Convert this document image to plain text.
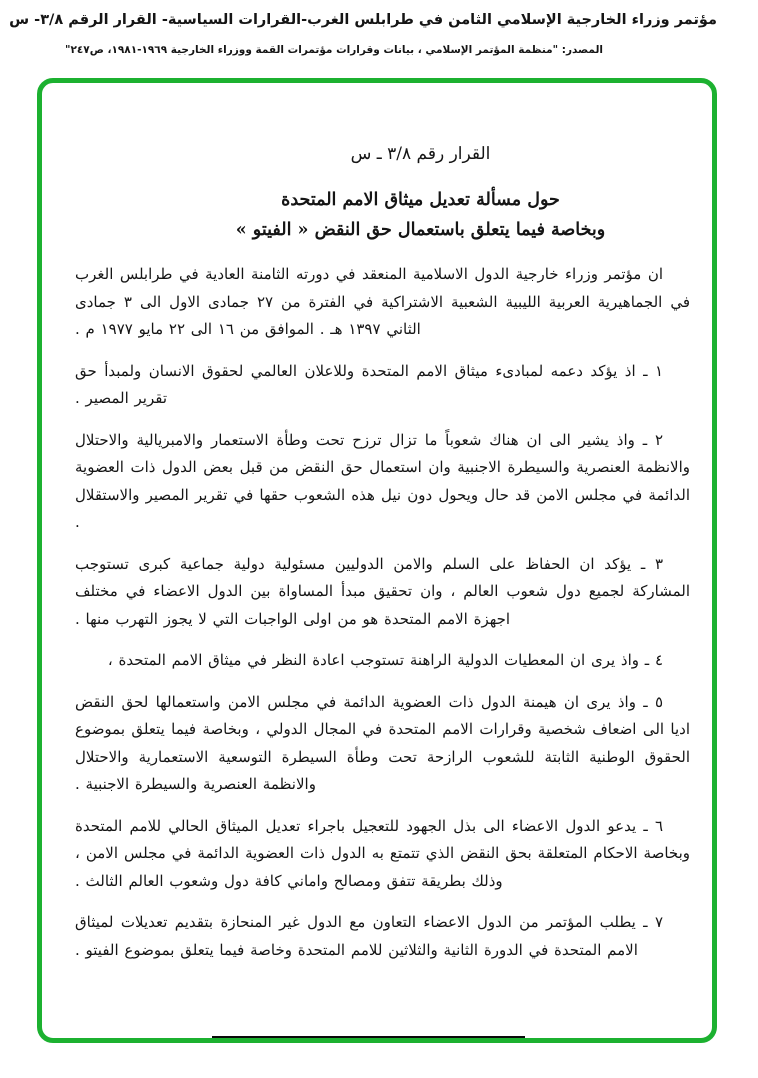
مؤتمر وزراء الخارجية الإسلامي الثامن في طرابلس الغرب-القرارات السياسية- القرار الرقم ٣/٨- س
المصدر: "منظمة المؤتمر الإسلامي ، بيانات وقرارات مؤتمرات القمة ووزراء الخارجية ١٩٦٩-١٩٨١، ص٢٤٧"
القرار رقم ٣/٨ ـ س
حول مسألة تعديل ميثاق الامم المتحدة
وبخاصة فيما يتعلق باستعمال حق النقض « الفيتو »

ان مؤتمر وزراء خارجية الدول الاسلامية المنعقد في دورته الثامنة العادية في طرابلس الغرب في الجماهيرية العربية الليبية الشعبية الاشتراكية في الفترة من ٢٧ جمادى الاول الى ٣ جمادى الثاني ١٣٩٧ هـ . الموافق من ١٦ الى ٢٢ مايو ١٩٧٧ م .

١ ـ اذ يؤكد دعمه لمبادىء ميثاق الامم المتحدة وللاعلان العالمي لحقوق الانسان ولمبدأ حق تقرير المصير .

٢ ـ واذ يشير الى ان هناك شعوباً ما تزال ترزح تحت وطأة الاستعمار والامبريالية والاحتلال والانظمة العنصرية والسيطرة الاجنبية وان استعمال حق النقض من قبل بعض الدول ذات العضوية الدائمة في مجلس الامن قد حال ويحول دون نيل هذه الشعوب حقها في تقرير المصير والاستقلال .

٣ ـ يؤكد ان الحفاظ على السلم والامن الدوليين مسئولية دولية جماعية كبرى تستوجب المشاركة لجميع دول شعوب العالم ، وان تحقيق مبدأ المساواة بين الدول الاعضاء في مختلف اجهزة الامم المتحدة هو من اولى الواجبات التي لا يجوز التهرب منها .

٤ ـ واذ يرى ان المعطيات الدولية الراهنة تستوجب اعادة النظر في ميثاق الامم المتحدة ،

٥ ـ واذ يرى ان هيمنة الدول ذات العضوية الدائمة في مجلس الامن واستعمالها لحق النقض اديا الى اضعاف شخصية وقرارات الامم المتحدة في المجال الدولي ، وبخاصة فيما يتعلق بموضوع الحقوق الوطنية الثابتة للشعوب الرازحة تحت وطأة السيطرة التوسعية الاستعمارية والاحتلال والانظمة العنصرية والسيطرة الاجنبية .

٦ ـ يدعو الدول الاعضاء الى بذل الجهود للتعجيل باجراء تعديل الميثاق الحالي للامم المتحدة وبخاصة الاحكام المتعلقة بحق النقض الذي تتمتع به الدول ذات العضوية الدائمة في مجلس الامن ، وذلك بطريقة تتفق ومصالح واماني كافة دول وشعوب العالم الثالث .

٧ ـ يطلب المؤتمر من الدول الاعضاء التعاون مع الدول غير المنحازة بتقديم تعديلات لميثاق الامم المتحدة في الدورة الثانية والثلاثين للامم المتحدة وخاصة فيما يتعلق بموضوع الفيتو .
